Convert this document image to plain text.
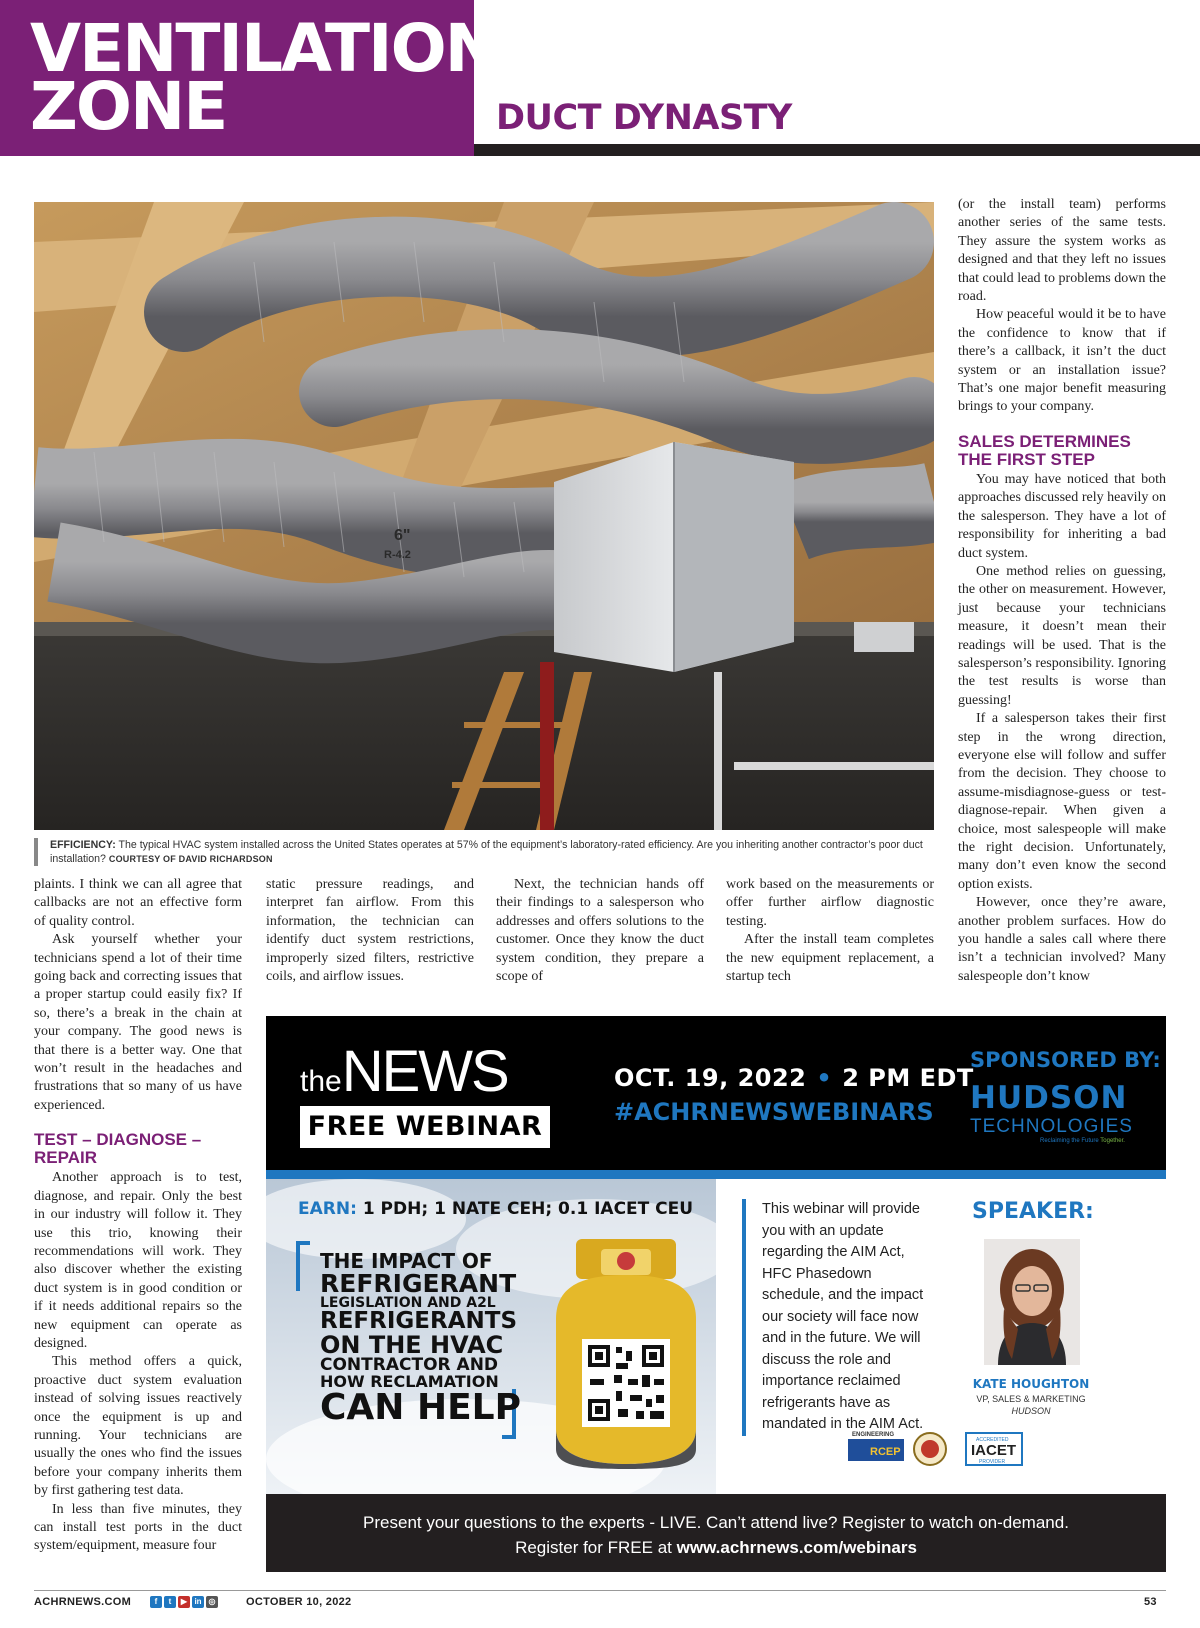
VENTILATION
ZONE	DUCT DYNASTY
6"
R-4.2
EFFICIENCY: The typical HVAC system installed across the United States operates at 57% of the equipment’s laboratory-rated efficiency. Are you inheriting another contractor’s poor duct installation? COURTESY OF DAVID RICHARDSON

plaints. I think we can all agree that callbacks are not an effective form of quality control.

Ask yourself whether your technicians spend a lot of their time going back and correcting issues that a proper startup could easily fix? If so, there’s a break in the chain at your company. The good news is that there is a better way. One that won’t result in the headaches and frustrations that so many of us have experienced.

TEST – DIAGNOSE – REPAIR

Another approach is to test, diagnose, and repair. Only the best in our industry will follow it. They use this trio, knowing their recommendations will work. They also discover whether the existing duct system is in good condition or if it needs additional repairs so the new equipment can operate as designed.

This method offers a quick, proactive duct system evaluation instead of solving issues reactively once the equipment is up and running. Your technicians are usually the ones who find the issues before your company inherits them by first gathering test data.

In less than five minutes, they can install test ports in the duct system/equipment, measure four

static pressure readings, and interpret fan airflow. From this information, the technician can identify duct system restrictions, improperly sized filters, restrictive coils, and airflow issues.

Next, the technician hands off their findings to a salesperson who addresses and offers solutions to the customer. Once they know the duct system condition, they prepare a scope of

work based on the measurements or offer further airflow diagnostic testing.

After the install team completes the new equipment replacement, a startup tech

(or the install team) performs another series of the same tests. They assure the system works as designed and that they left no issues that could lead to problems down the road.

How peaceful would it be to have the confidence to know that if there’s a callback, it isn’t the duct system or an installation issue? That’s one major benefit measuring brings to your company.

SALES DETERMINES THE FIRST STEP

You may have noticed that both approaches discussed rely heavily on the salesperson. They have a lot of responsibility for inheriting a bad duct system.

One method relies on guessing, the other on measurement. However, just because your technicians measure, it doesn’t mean their readings will be used. That is the salesperson’s responsibility. Ignoring the test results is worse than guessing!

If a salesperson takes their first step in the wrong direction, everyone else will follow and suffer from the decision. They choose to assume-misdiagnose-guess or test-diagnose-repair. When given a choice, most salespeople will make the right decision. Unfortunately, many don’t even know the second option exists.

However, once they’re aware, another problem surfaces. How do you handle a sales call where there isn’t a technician involved? Many salespeople don’t know

theNEWS
FREE WEBINAR
OCT. 19, 2022 • 2 PM EDT
#ACHRNEWSWEBINARS
SPONSORED BY:
HUDSON
TECHNOLOGIES
Reclaiming the Future Together.
EARN: 1 PDH; 1 NATE CEH; 0.1 IACET CEU
THE IMPACT OF
REFRIGERANT
LEGISLATION AND A2L
REFRIGERANTS
ON THE HVAC
CONTRACTOR AND
HOW RECLAMATION
CAN HELP
This webinar will provide you with an update regarding the AIM Act, HFC Phasedown schedule, and the impact our society will face now and in the future. We will discuss the role and importance reclaimed refrigerants have as mandated in the AIM Act.
SPEAKER:
KATE HOUGHTON
VP, SALES & MARKETING
HUDSON
ENGINEERING
RCEP
ACCREDITED
IACET
PROVIDER
Present your questions to the experts - LIVE. Can’t attend live? Register to watch on-demand.
Register for FREE at www.achrnews.com/webinars
ACHRNEWS.COM	f	t	▶ in ◎	OCTOBER 10, 2022	53
